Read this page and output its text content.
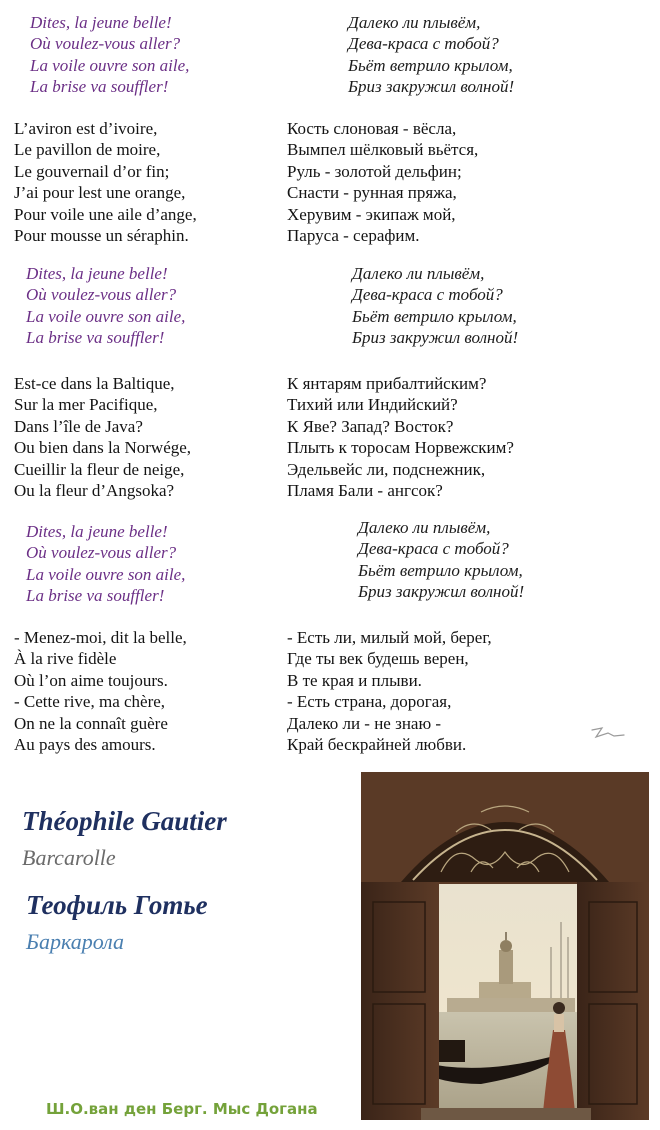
Dites, la jeune belle!
Où voulez-vous aller?
La voile ouvre son aile,
La brise va souffler!
Далеко ли плывём,
Дева-краса с тобой?
Бьёт ветрило крылом,
Бриз закружил волной!
L’aviron est d’ivoire,
Le pavillon de moire,
Le gouvernail d’or fin;
J’ai pour lest une orange,
Pour voile une aile d’ange,
Pour mousse un séraphin.
Кость слоновая - вёсла,
Вымпел шёлковый вьётся,
Руль - золотой дельфин;
Снасти - рунная пряжа,
Херувим - экипаж мой,
Паруса - серафим.
Dites, la jeune belle!
Où voulez-vous aller?
La voile ouvre son aile,
La brise va souffler!
Далеко ли плывём,
Дева-краса с тобой?
Бьёт ветрило крылом,
Бриз закружил волной!
Est-ce dans la Baltique,
Sur la mer Pacifique,
Dans l’île de Java?
Ou bien dans la Norwége,
Cueillir la fleur de neige,
Ou la fleur d’Angsoka?
К янтарям прибалтийским?
Тихий или Индийский?
К Яве? Запад? Восток?
Плыть к торосам Норвежским?
Эдельвейс ли, подснежник,
Пламя Бали - ангсок?
Dites, la jeune belle!
Où voulez-vous aller?
La voile ouvre son aile,
La brise va souffler!
Далеко ли плывём,
Дева-краса с тобой?
Бьёт ветрило крылом,
Бриз закружил волной!
- Menez-moi, dit la belle,
À la rive fidèle
Où l’on aime toujours.
- Cette rive, ma chère,
On ne la connaît guère
Au pays des amours.
- Есть ли, милый мой, берег,
Где ты век будешь верен,
В те края и плыви.
- Есть страна, дорогая,
Далеко ли - не знаю -
Край бескрайней любви.
Théophile Gautier
Barcarolle
Теофиль Готье
Баркарола
Ш.О.ван ден Берг. Мыс Догана
